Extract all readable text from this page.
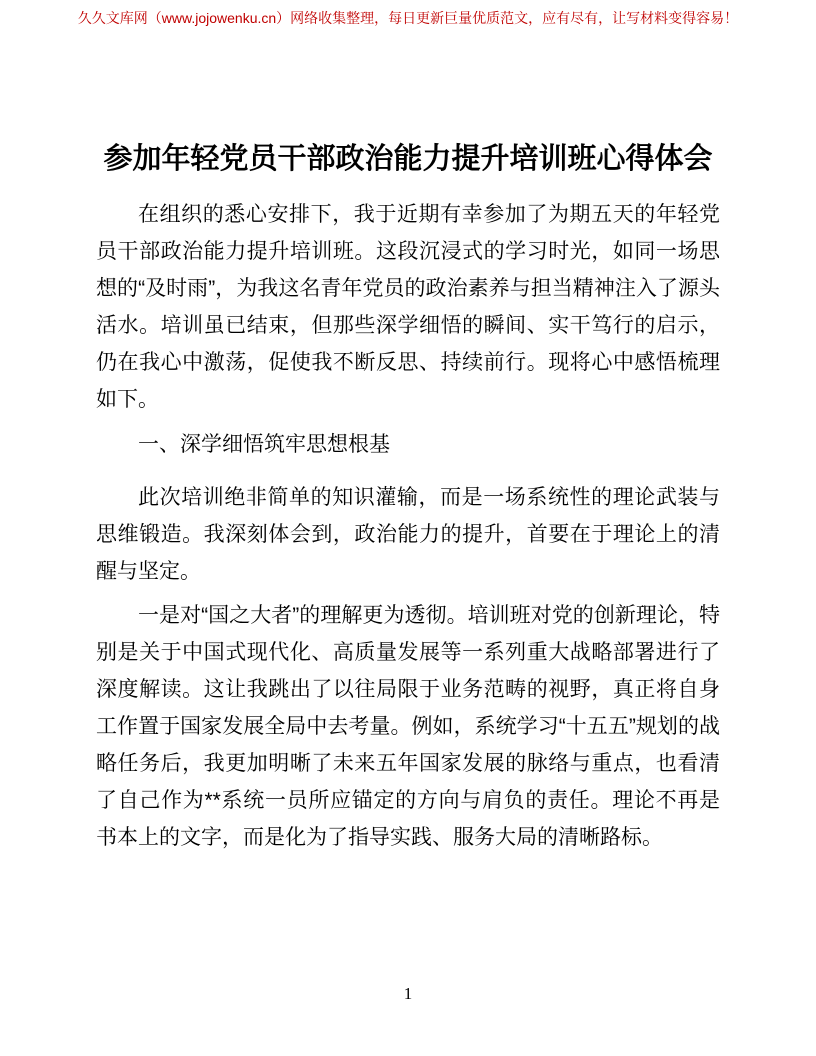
久久文库网（www.jojowenku.cn）网络收集整理，每日更新巨量优质范文，应有尽有，让写材料变得容易！
参加年轻党员干部政治能力提升培训班心得体会

在组织的悉心安排下，我于近期有幸参加了为期五天的年轻党员干部政治能力提升培训班。这段沉浸式的学习时光，如同一场思想的“及时雨”，为我这名青年党员的政治素养与担当精神注入了源头活水。培训虽已结束，但那些深学细悟的瞬间、实干笃行的启示，仍在我心中激荡，促使我不断反思、持续前行。现将心中感悟梳理如下。

一、深学细悟筑牢思想根基

此次培训绝非简单的知识灌输，而是一场系统性的理论武装与思维锻造。我深刻体会到，政治能力的提升，首要在于理论上的清醒与坚定。

一是对“国之大者”的理解更为透彻。培训班对党的创新理论，特别是关于中国式现代化、高质量发展等一系列重大战略部署进行了深度解读。这让我跳出了以往局限于业务范畴的视野，真正将自身工作置于国家发展全局中去考量。例如，系统学习“十五五”规划的战略任务后，我更加明晰了未来五年国家发展的脉络与重点，也看清了自己作为**系统一员所应锚定的方向与肩负的责任。理论不再是书本上的文字，而是化为了指导实践、服务大局的清晰路标。

1
